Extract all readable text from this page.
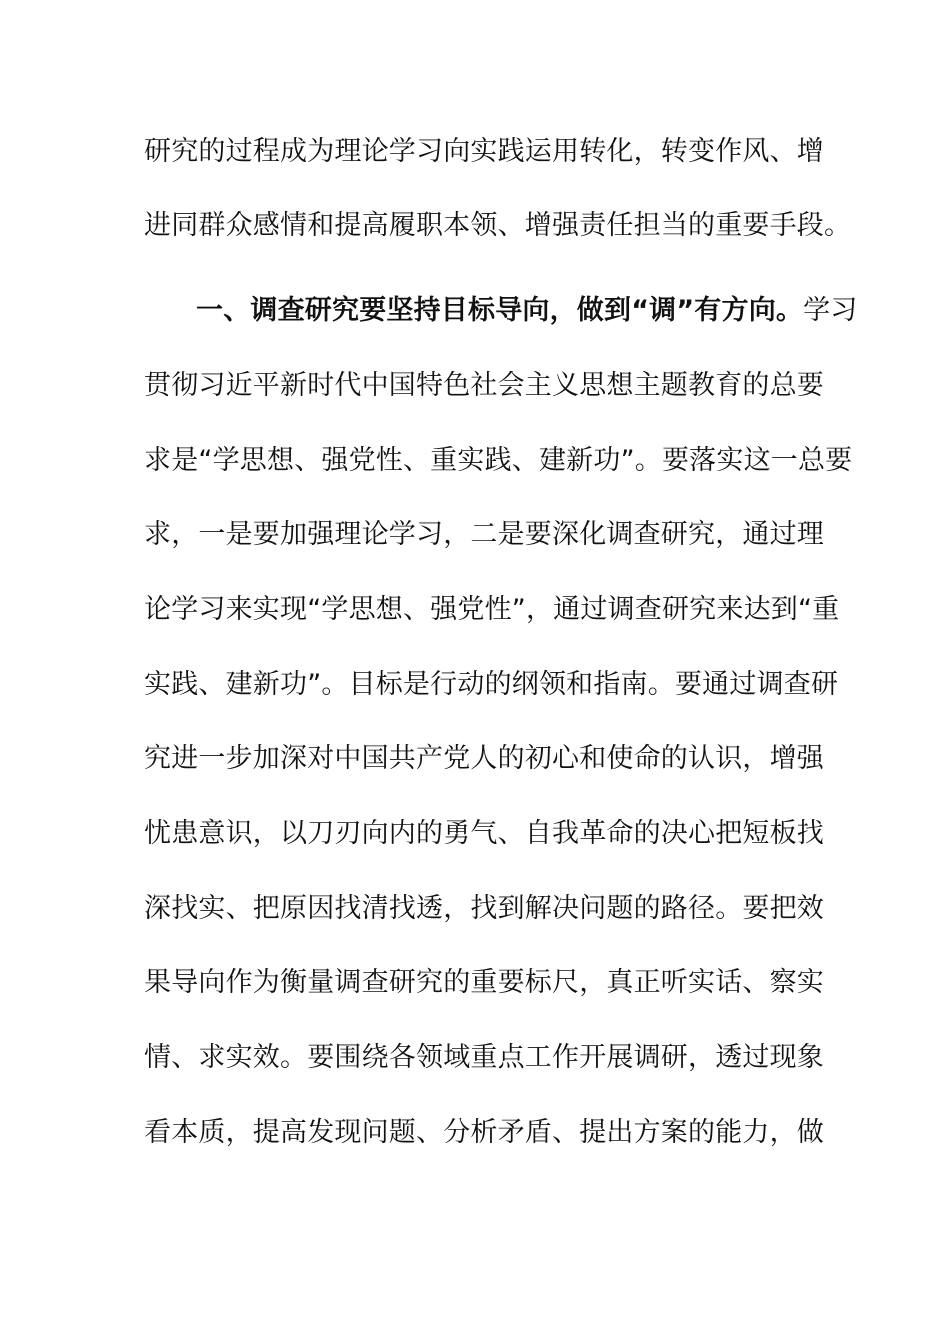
研究的过程成为理论学习向实践运用转化，转变作风、增
进同群众感情和提高履职本领、增强责任担当的重要手段。
一、调查研究要坚持目标导向，做到“调”有方向。学习
贯彻习近平新时代中国特色社会主义思想主题教育的总要
求是“学思想、强党性、重实践、建新功”。要落实这一总要
求，一是要加强理论学习，二是要深化调查研究，通过理
论学习来实现“学思想、强党性”，通过调查研究来达到“重
实践、建新功”。目标是行动的纲领和指南。要通过调查研
究进一步加深对中国共产党人的初心和使命的认识，增强
忧患意识，以刀刃向内的勇气、自我革命的决心把短板找
深找实、把原因找清找透，找到解决问题的路径。要把效
果导向作为衡量调查研究的重要标尺，真正听实话、察实
情、求实效。要围绕各领域重点工作开展调研，透过现象
看本质，提高发现问题、分析矛盾、提出方案的能力，做
